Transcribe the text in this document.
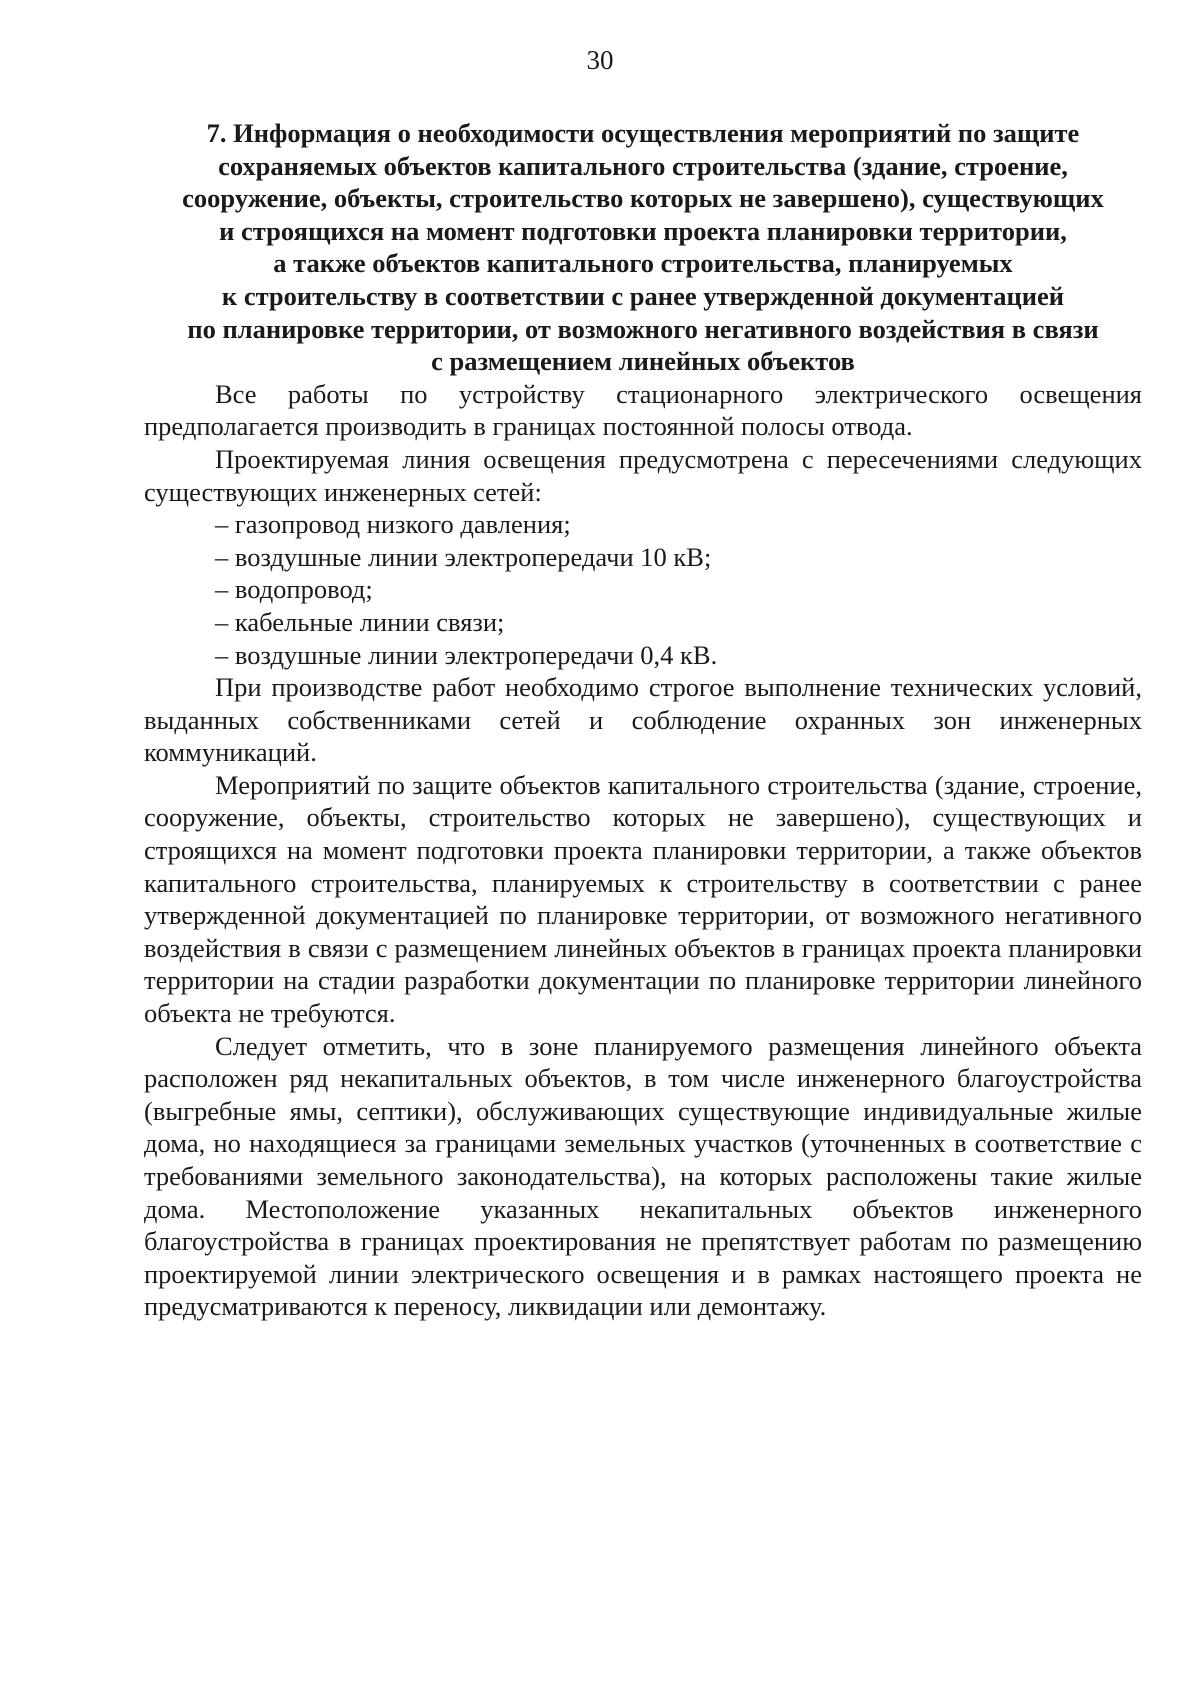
30
7. Информация о необходимости осуществления мероприятий по защите
сохраняемых объектов капитального строительства (здание, строение,
сооружение, объекты, строительство которых не завершено), существующих
и строящихся на момент подготовки проекта планировки территории,
а также объектов капитального строительства, планируемых
к строительству в соответствии с ранее утвержденной документацией
по планировке территории, от возможного негативного воздействия в связи
с размещением линейных объектов

Все работы по устройству стационарного электрического освещения предполагается производить в границах постоянной полосы отвода.

Проектируемая линия освещения предусмотрена с пересечениями следующих существующих инженерных сетей:

– газопровод низкого давления;
– воздушные линии электропередачи 10 кВ;
– водопровод;
– кабельные линии связи;
– воздушные линии электропередачи 0,4 кВ.

При производстве работ необходимо строгое выполнение технических условий, выданных собственниками сетей и соблюдение охранных зон инженерных коммуникаций.

Мероприятий по защите объектов капитального строительства (здание, строение, сооружение, объекты, строительство которых не завершено), существующих и строящихся на момент подготовки проекта планировки территории, а также объектов капитального строительства, планируемых к строительству в соответствии с ранее утвержденной документацией по планировке территории, от возможного негативного воздействия в связи с размещением линейных объектов в границах проекта планировки территории на стадии разработки документации по планировке территории линейного объекта не требуются.

Следует отметить, что в зоне планируемого размещения линейного объекта расположен ряд некапитальных объектов, в том числе инженерного благоустройства (выгребные ямы, септики), обслуживающих существующие индивидуальные жилые дома, но находящиеся за границами земельных участков (уточненных в соответствие с требованиями земельного законодательства), на которых расположены такие жилые дома. Местоположение указанных некапитальных объектов инженерного благоустройства в границах проектирования не препятствует работам по размещению проектируемой линии электрического освещения и в рамках настоящего проекта не предусматриваются к переносу, ликвидации или демонтажу.
